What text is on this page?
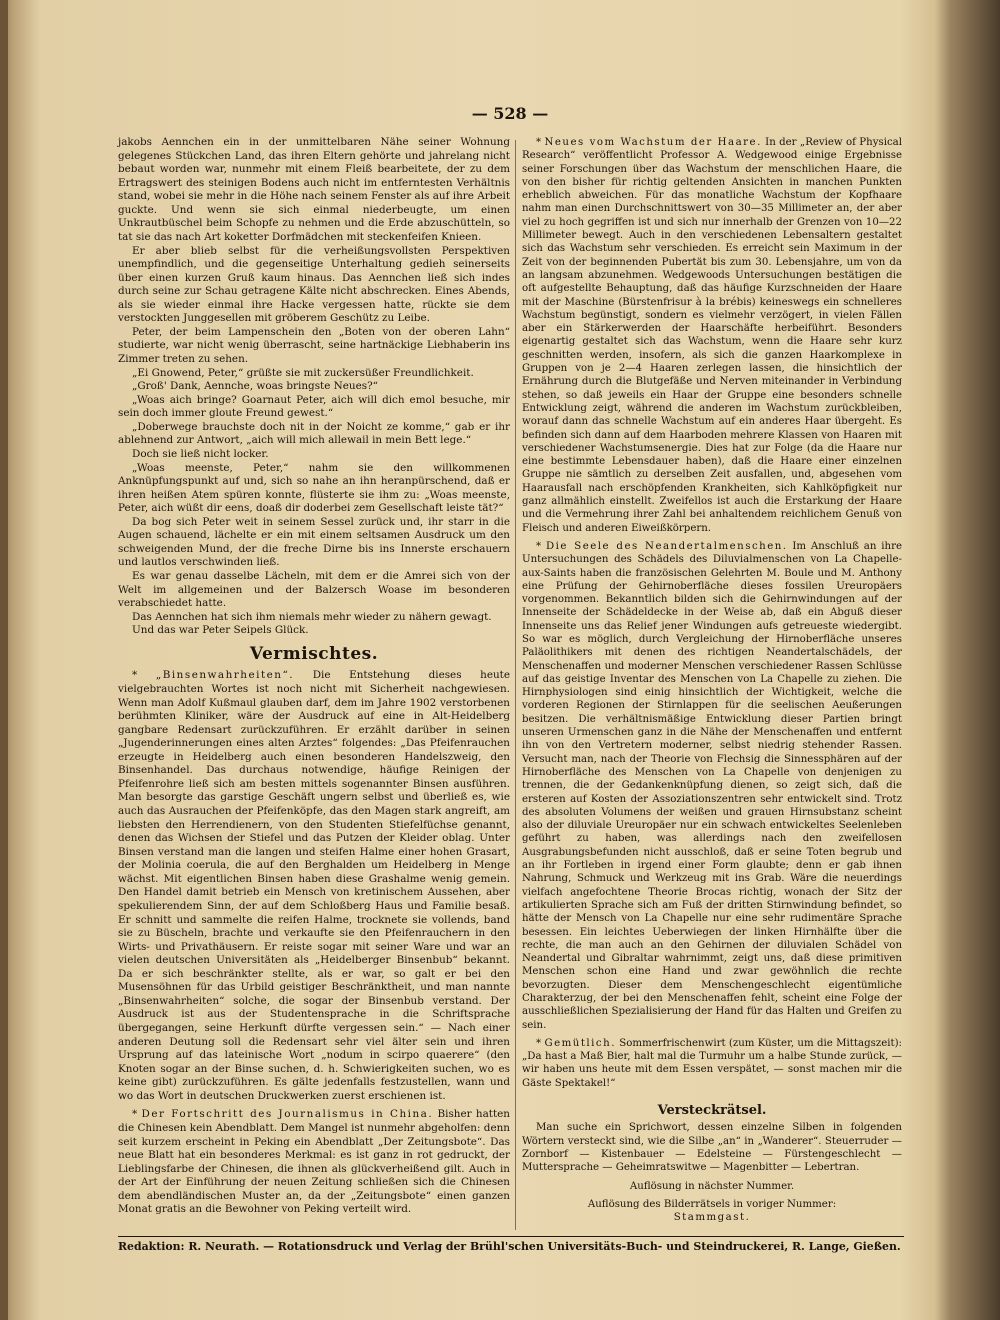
— 528 —

jakobs Aennchen ein in der unmittelbaren Nähe seiner Wohnung gelegenes Stückchen Land, das ihren Eltern gehörte und jahrelang nicht bebaut worden war, nunmehr mit einem Fleiß bearbeitete, der zu dem Ertragswert des steinigen Bodens auch nicht im entferntesten Verhältnis stand, wobei sie mehr in die Höhe nach seinem Fenster als auf ihre Arbeit guckte. Und wenn sie sich einmal niederbeugte, um einen Unkrautbüschel beim Schopfe zu nehmen und die Erde abzuschütteln, so tat sie das nach Art koketter Dorfmädchen mit steckenfeifen Knieen.

Er aber blieb selbst für die verheißungsvollsten Perspektiven unempfindlich, und die gegenseitige Unterhaltung gedieh seinerseits über einen kurzen Gruß kaum hinaus. Das Aennchen ließ sich indes durch seine zur Schau getragene Kälte nicht abschrecken. Eines Abends, als sie wieder einmal ihre Hacke vergessen hatte, rückte sie dem verstockten Junggesellen mit gröberem Geschütz zu Leibe.

Peter, der beim Lampenschein den „Boten von der oberen Lahn“ studierte, war nicht wenig überrascht, seine hartnäckige Liebhaberin ins Zimmer treten zu sehen.

„Ei Gnowend, Peter,“ grüßte sie mit zuckersüßer Freundlichkeit.

„Groß' Dank, Aennche, woas bringste Neues?“

„Woas aich bringe? Goarnaut Peter, aich will dich emol besuche, mir sein doch immer gloute Freund gewest.“

„Doberwege brauchste doch nit in der Noicht ze komme,“ gab er ihr ablehnend zur Antwort, „aich will mich allewail in mein Bett lege.“

Doch sie ließ nicht locker.

„Woas meenste, Peter,“ nahm sie den willkommenen Anknüpfungspunkt auf und, sich so nahe an ihn heranpürschend, daß er ihren heißen Atem spüren konnte, flüsterte sie ihm zu: „Woas meenste, Peter, aich wüßt dir eens, doaß dir doderbei zem Gesellschaft leiste tät?“

Da bog sich Peter weit in seinem Sessel zurück und, ihr starr in die Augen schauend, lächelte er ein mit einem seltsamen Ausdruck um den schweigenden Mund, der die freche Dirne bis ins Innerste erschauern und lautlos verschwinden ließ.

Es war genau dasselbe Lächeln, mit dem er die Amrei sich von der Welt im allgemeinen und der Balzersch Woase im besonderen verabschiedet hatte.

Das Aennchen hat sich ihm niemals mehr wieder zu nähern gewagt.

Und das war Peter Seipels Glück.

Vermischtes.

* „Binsenwahrheiten“. Die Entstehung dieses heute vielgebrauchten Wortes ist noch nicht mit Sicherheit nachgewiesen. Wenn man Adolf Kußmaul glauben darf, dem im Jahre 1902 verstorbenen berühmten Kliniker, wäre der Ausdruck auf eine in Alt-Heidelberg gangbare Redensart zurückzuführen. Er erzählt darüber in seinen „Jugenderinnerungen eines alten Arztes“ folgendes: „Das Pfeifenrauchen erzeugte in Heidelberg auch einen besonderen Handelszweig, den Binsenhandel. Das durchaus notwendige, häufige Reinigen der Pfeifenrohre ließ sich am besten mittels sogenannter Binsen ausführen. Man besorgte das garstige Geschäft ungern selbst und überließ es, wie auch das Ausrauchen der Pfeifenköpfe, das den Magen stark angreift, am liebsten den Herrendienern, von den Studenten Stiefelfüchse genannt, denen das Wichsen der Stiefel und das Putzen der Kleider oblag. Unter Binsen verstand man die langen und steifen Halme einer hohen Grasart, der Molinia coerula, die auf den Berghalden um Heidelberg in Menge wächst. Mit eigentlichen Binsen haben diese Grashalme wenig gemein. Den Handel damit betrieb ein Mensch von kretinischem Aussehen, aber spekulierendem Sinn, der auf dem Schloßberg Haus und Familie besaß. Er schnitt und sammelte die reifen Halme, trocknete sie vollends, band sie zu Büscheln, brachte und verkaufte sie den Pfeifenrauchern in den Wirts- und Privathäusern. Er reiste sogar mit seiner Ware und war an vielen deutschen Universitäten als „Heidelberger Binsenbub“ bekannt. Da er sich beschränkter stellte, als er war, so galt er bei den Musensöhnen für das Urbild geistiger Beschränktheit, und man nannte „Binsenwahrheiten“ solche, die sogar der Binsenbub verstand. Der Ausdruck ist aus der Studentensprache in die Schriftsprache übergegangen, seine Herkunft dürfte vergessen sein.“ — Nach einer anderen Deutung soll die Redensart sehr viel älter sein und ihren Ursprung auf das lateinische Wort „nodum in scirpo quaerere“ (den Knoten sogar an der Binse suchen, d. h. Schwierigkeiten suchen, wo es keine gibt) zurückzuführen. Es gälte jedenfalls festzustellen, wann und wo das Wort in deutschen Druckwerken zuerst erschienen ist.

* Der Fortschritt des Journalismus in China. Bisher hatten die Chinesen kein Abendblatt. Dem Mangel ist nunmehr abgeholfen: denn seit kurzem erscheint in Peking ein Abendblatt „Der Zeitungsbote“. Das neue Blatt hat ein besonderes Merkmal: es ist ganz in rot gedruckt, der Lieblingsfarbe der Chinesen, die ihnen als glückverheißend gilt. Auch in der Art der Einführung der neuen Zeitung schließen sich die Chinesen dem abendländischen Muster an, da der „Zeitungsbote“ einen ganzen Monat gratis an die Bewohner von Peking verteilt wird.

* Neues vom Wachstum der Haare. In der „Review of Physical Research“ veröffentlicht Professor A. Wedgewood einige Ergebnisse seiner Forschungen über das Wachstum der menschlichen Haare, die von den bisher für richtig geltenden Ansichten in manchen Punkten erheblich abweichen. Für das monatliche Wachstum der Kopfhaare nahm man einen Durchschnittswert von 30—35 Millimeter an, der aber viel zu hoch gegriffen ist und sich nur innerhalb der Grenzen von 10—22 Millimeter bewegt. Auch in den verschiedenen Lebensaltern gestaltet sich das Wachstum sehr verschieden. Es erreicht sein Maximum in der Zeit von der beginnenden Pubertät bis zum 30. Lebensjahre, um von da an langsam abzunehmen. Wedgewoods Untersuchungen bestätigen die oft aufgestellte Behauptung, daß das häufige Kurzschneiden der Haare mit der Maschine (Bürstenfrisur à la brébis) keineswegs ein schnelleres Wachstum begünstigt, sondern es vielmehr verzögert, in vielen Fällen aber ein Stärkerwerden der Haarschäfte herbeiführt. Besonders eigenartig gestaltet sich das Wachstum, wenn die Haare sehr kurz geschnitten werden, insofern, als sich die ganzen Haarkomplexe in Gruppen von je 2—4 Haaren zerlegen lassen, die hinsichtlich der Ernährung durch die Blutgefäße und Nerven miteinander in Verbindung stehen, so daß jeweils ein Haar der Gruppe eine besonders schnelle Entwicklung zeigt, während die anderen im Wachstum zurückbleiben, worauf dann das schnelle Wachstum auf ein anderes Haar übergeht. Es befinden sich dann auf dem Haarboden mehrere Klassen von Haaren mit verschiedener Wachstumsenergie. Dies hat zur Folge (da die Haare nur eine bestimmte Lebensdauer haben), daß die Haare einer einzelnen Gruppe nie sämtlich zu derselben Zeit ausfallen, und, abgesehen vom Haarausfall nach erschöpfenden Krankheiten, sich Kahlköpfigkeit nur ganz allmählich einstellt. Zweifellos ist auch die Erstarkung der Haare und die Vermehrung ihrer Zahl bei anhaltendem reichlichem Genuß von Fleisch und anderen Eiweißkörpern.

* Die Seele des Neandertalmenschen. Im Anschluß an ihre Untersuchungen des Schädels des Diluvialmenschen von La Chapelle-aux-Saints haben die französischen Gelehrten M. Boule und M. Anthony eine Prüfung der Gehirnoberfläche dieses fossilen Ureuropäers vorgenommen. Bekanntlich bilden sich die Gehirnwindungen auf der Innenseite der Schädeldecke in der Weise ab, daß ein Abguß dieser Innenseite uns das Relief jener Windungen aufs getreueste wiedergibt. So war es möglich, durch Vergleichung der Hirnoberfläche unseres Paläolithikers mit denen des richtigen Neandertalschädels, der Menschenaffen und moderner Menschen verschiedener Rassen Schlüsse auf das geistige Inventar des Menschen von La Chapelle zu ziehen. Die Hirnphysiologen sind einig hinsichtlich der Wichtigkeit, welche die vorderen Regionen der Stirnlappen für die seelischen Aeußerungen besitzen. Die verhältnismäßige Entwicklung dieser Partien bringt unseren Urmenschen ganz in die Nähe der Menschenaffen und entfernt ihn von den Vertretern moderner, selbst niedrig stehender Rassen. Versucht man, nach der Theorie von Flechsig die Sinnessphären auf der Hirnoberfläche des Menschen von La Chapelle von denjenigen zu trennen, die der Gedankenknüpfung dienen, so zeigt sich, daß die ersteren auf Kosten der Assoziationszentren sehr entwickelt sind. Trotz des absoluten Volumens der weißen und grauen Hirnsubstanz scheint also der diluviale Ureuropäer nur ein schwach entwickeltes Seelenleben geführt zu haben, was allerdings nach den zweifellosen Ausgrabungsbefunden nicht ausschloß, daß er seine Toten begrub und an ihr Fortleben in irgend einer Form glaubte; denn er gab ihnen Nahrung, Schmuck und Werkzeug mit ins Grab. Wäre die neuerdings vielfach angefochtene Theorie Brocas richtig, wonach der Sitz der artikulierten Sprache sich am Fuß der dritten Stirnwindung befindet, so hätte der Mensch von La Chapelle nur eine sehr rudimentäre Sprache besessen. Ein leichtes Ueberwiegen der linken Hirnhälfte über die rechte, die man auch an den Gehirnen der diluvialen Schädel von Neandertal und Gibraltar wahrnimmt, zeigt uns, daß diese primitiven Menschen schon eine Hand und zwar gewöhnlich die rechte bevorzugten. Dieser dem Menschengeschlecht eigentümliche Charakterzug, der bei den Menschenaffen fehlt, scheint eine Folge der ausschließlichen Spezialisierung der Hand für das Halten und Greifen zu sein.

* Gemütlich. Sommerfrischenwirt (zum Küster, um die Mittagszeit): „Da hast a Maß Bier, halt mal die Turmuhr um a halbe Stunde zurück, — wir haben uns heute mit dem Essen verspätet, — sonst machen mir die Gäste Spektakel!“

Versteckrätsel.

Man suche ein Sprichwort, dessen einzelne Silben in folgenden Wörtern versteckt sind, wie die Silbe „an“ in „Wanderer“. Steuerruder — Zornborf — Kistenbauer — Edelsteine — Fürstengeschlecht — Muttersprache — Geheimratswitwe — Magenbitter — Lebertran.

Auflösung in nächster Nummer.

Auflösung des Bilderrätsels in voriger Nummer:

Stammgast.

Redaktion: R. Neurath. — Rotationsdruck und Verlag der Brühl'schen Universitäts-Buch- und Steindruckerei, R. Lange, Gießen.
